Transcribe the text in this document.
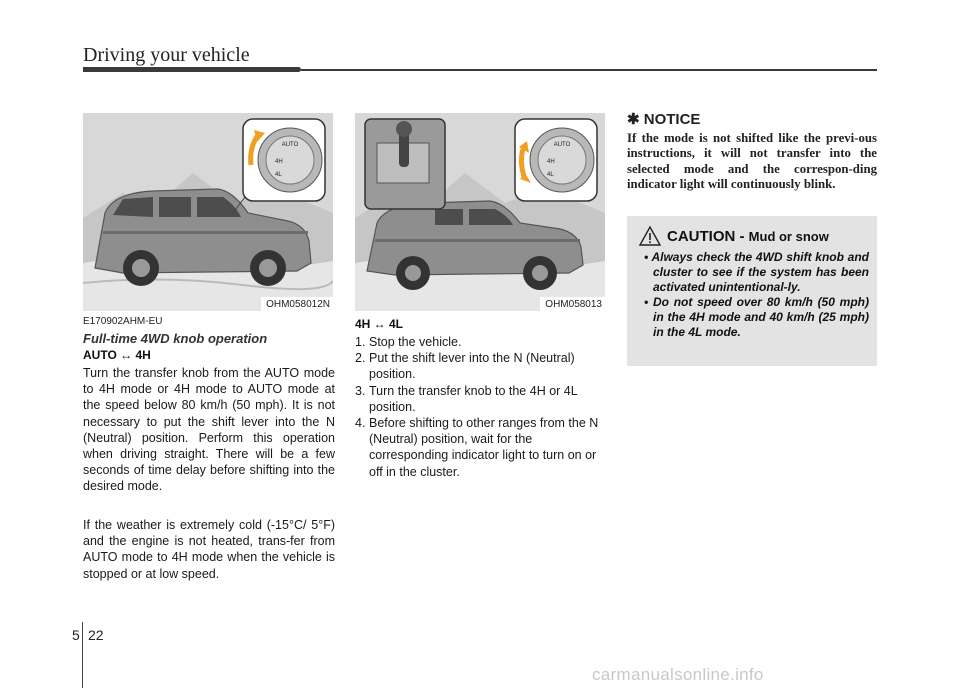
Driving your vehicle
AUTO
4H
4L
OHM058012N
AUTO
4H
4L
OHM058013
E170902AHM-EU
Full-time 4WD knob operation
AUTO ↔ 4H
Turn the transfer knob from the AUTO mode to 4H mode or 4H mode to AUTO mode at the speed below 80 km/h (50 mph). It is not necessary to put the shift lever into the N (Neutral) position. Perform this operation when driving straight. There will be a few seconds of time delay before shifting into the desired mode.
If the weather is extremely cold (-15°C/ 5°F) and the engine is not heated, trans-fer from AUTO mode to 4H mode when the vehicle is stopped or at low speed.
4H ↔ 4L
1. Stop the vehicle.
2. Put the shift lever into the N (Neutral) position.
3. Turn the transfer knob to the 4H or 4L position.
4. Before shifting to other ranges from the N (Neutral) position, wait for the corresponding indicator light to turn on or off in the cluster.
✱ NOTICE
If the mode is not shifted like the previ-ous instructions, it will not transfer into the selected mode and the correspon-ding indicator light will continuously blink.
CAUTION - Mud or snow
• Always check the 4WD shift knob and cluster to see if the system has been activated unintentional-ly.
• Do not speed over 80 km/h (50 mph) in the 4H mode and 40 km/h (25 mph) in the 4L mode.
5 22
carmanualsonline.info
